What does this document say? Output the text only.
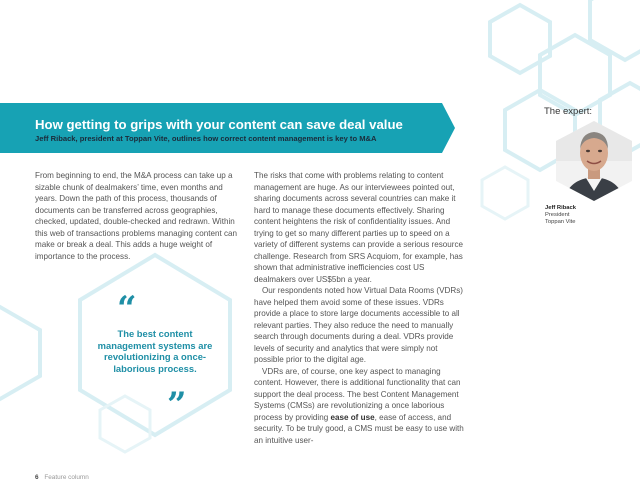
How getting to grips with your content can save deal value
Jeff Riback, president at Toppan Vite, outlines how correct content management is key to M&A
The expert:
Jeff Riback
President
Toppan Vite

From beginning to end, the M&A process can take up a sizable chunk of dealmakers’ time, even months and years. Down the path of this process, thousands of documents can be transferred across geographies, checked, updated, double-checked and redrawn. Within this web of transactions problems managing content can make or break a deal. This adds a huge weight of importance to the process.

“
The best content management systems are revolutionizing a once-laborious process.
”

The risks that come with problems relating to content management are huge. As our interviewees pointed out, sharing documents across several countries can make it hard to manage these documents effectively. Sharing content heightens the risk of confidentiality issues. And trying to get so many different parties up to speed on a variety of different systems can provide a serious resource challenge. Research from SRS Acquiom, for example, has shown that administrative inefficiencies cost US dealmakers over US$5bn a year.

Our respondents noted how Virtual Data Rooms (VDRs) have helped them avoid some of these issues. VDRs provide a place to store large documents accessible to all relevant parties. They also reduce the need to manually search through documents during a deal. VDRs provide levels of security and analytics that were simply not possible prior to the digital age.

VDRs are, of course, one key aspect to managing content. However, there is additional functionality that can support the deal process. The best Content Management Systems (CMSs) are revolutionizing a once laborious process by providing ease of use, ease of access, and security. To be truly good, a CMS must be easy to use with an intuitive user-

6 Feature column
